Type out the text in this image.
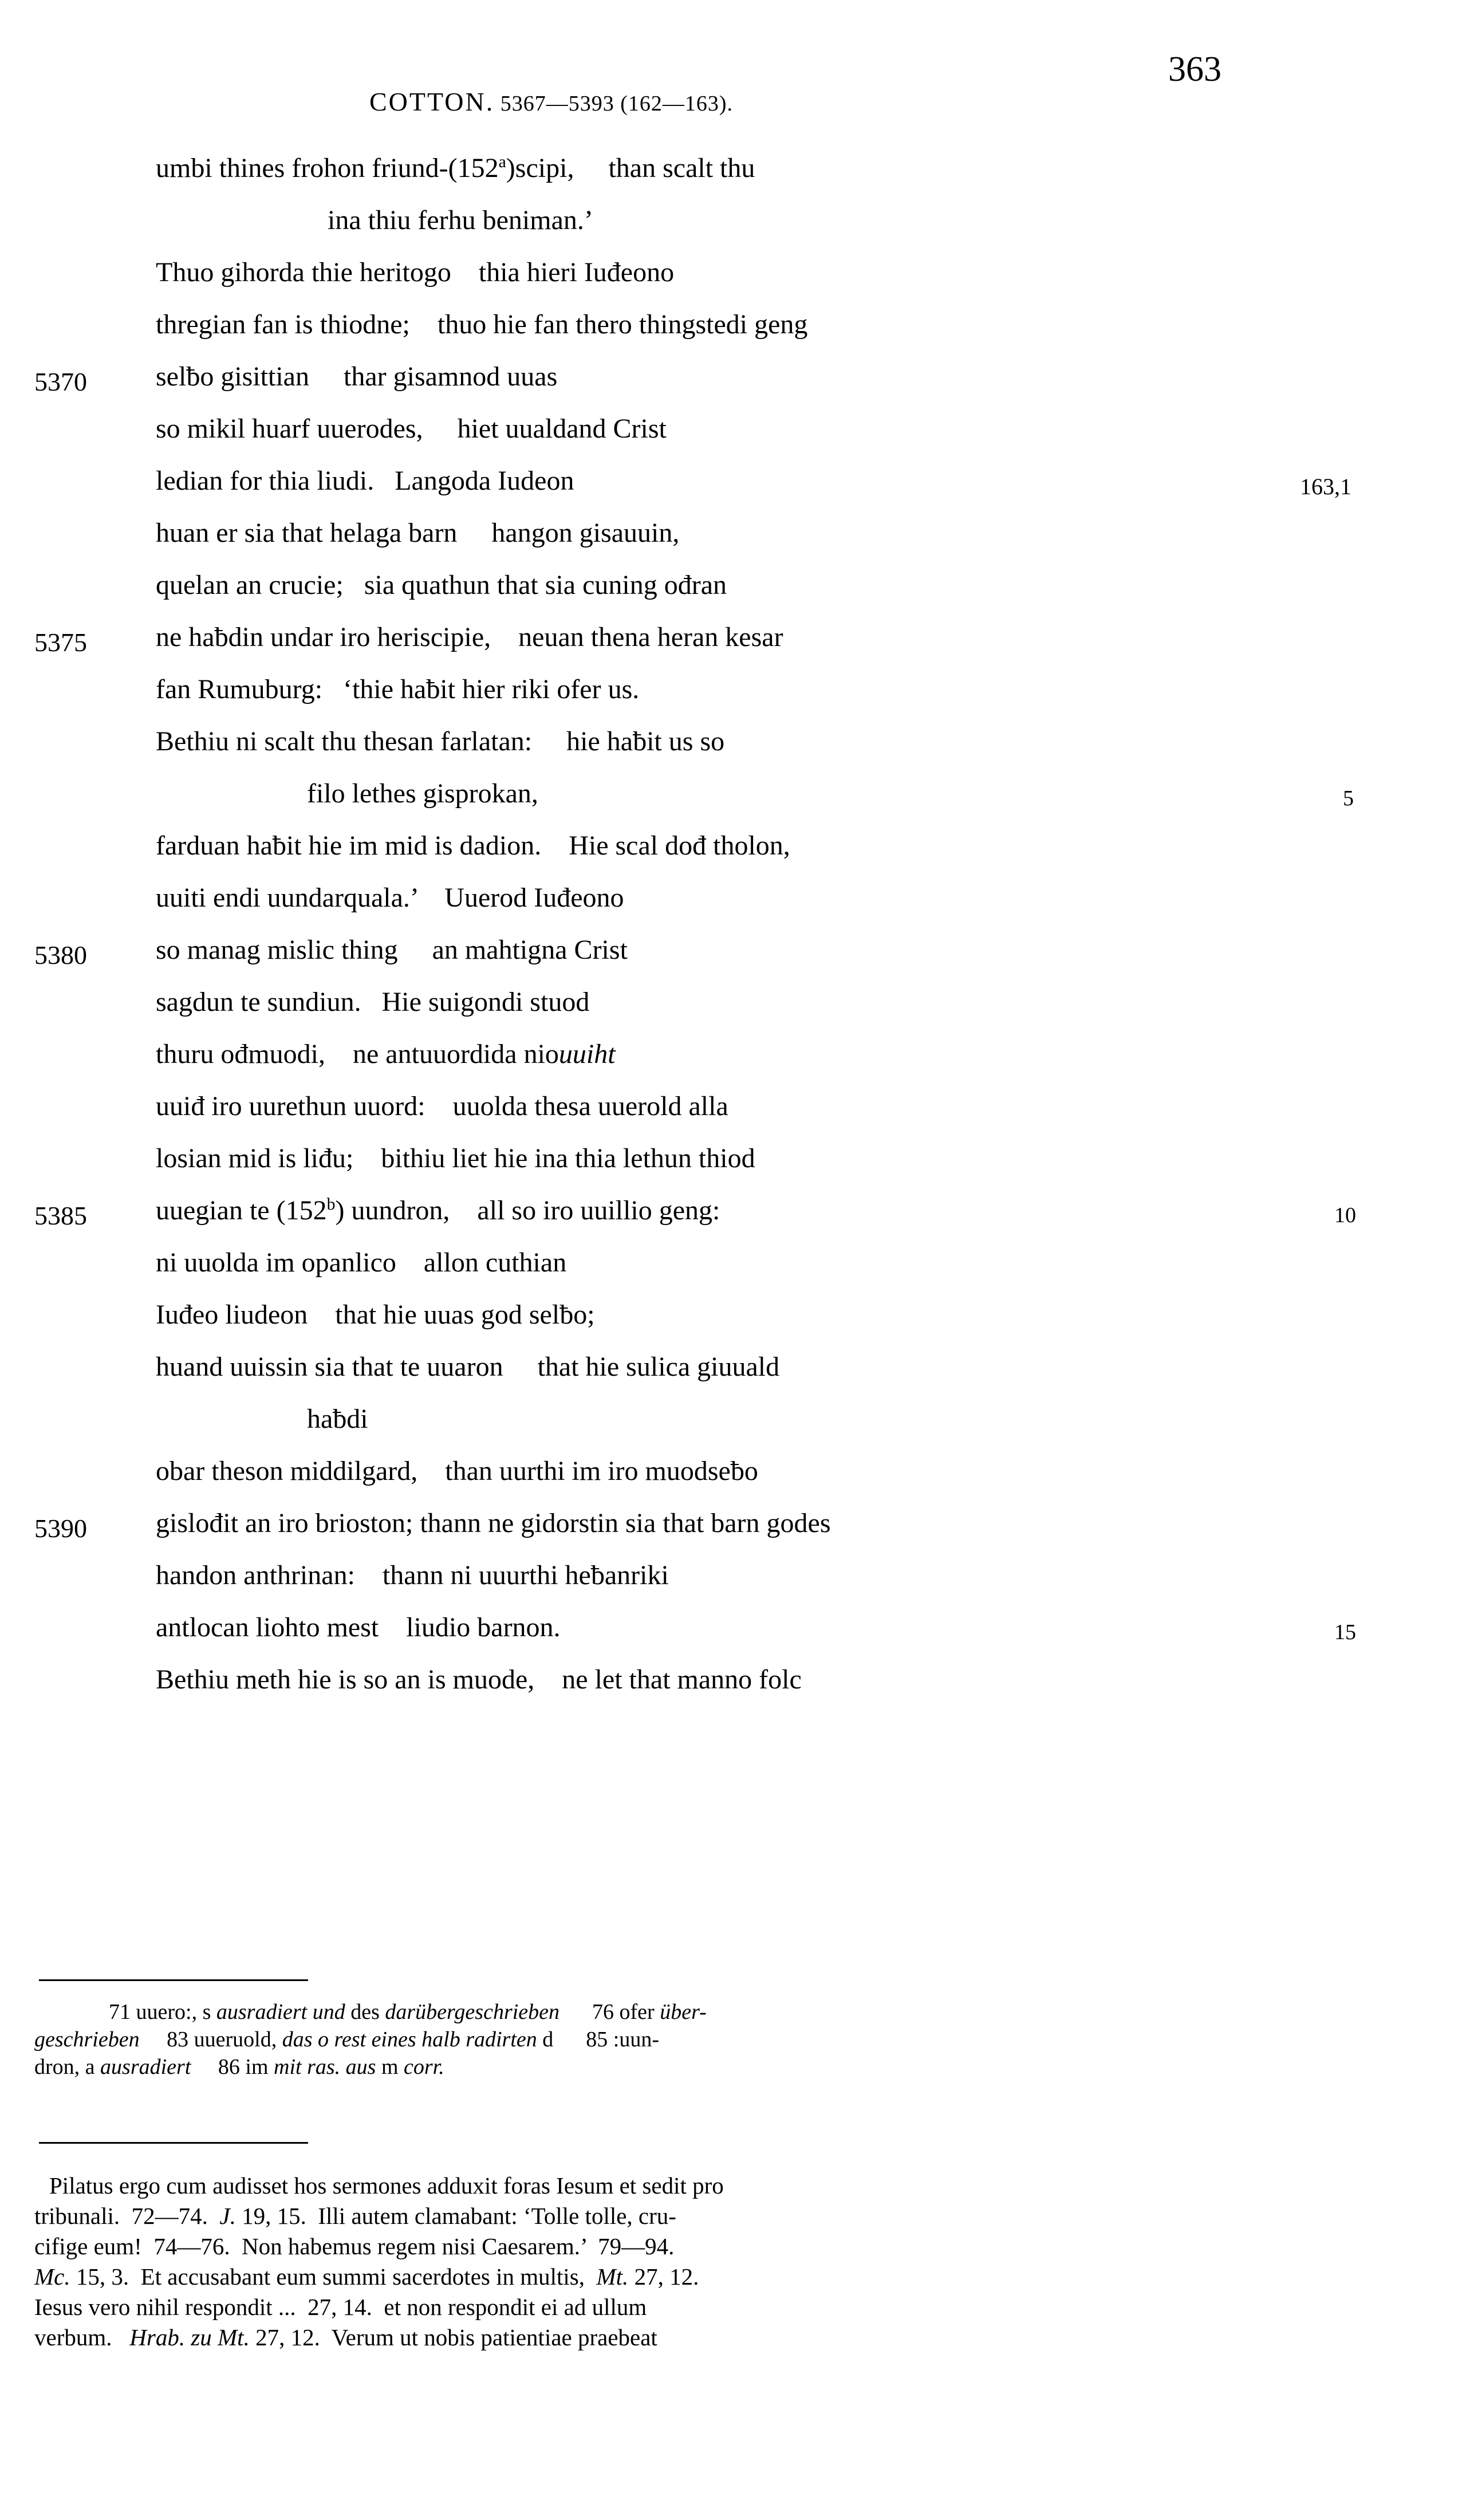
COTTON. 5367—5393 (162—163).

363
umbi thines frohon friund-(152$^a$)scipi,     than scalt thu
ina thiu ferhu beniman.’
Thuo gihorda thie heritogo    thia hieri Iuđeono
thregian fan is thiodne;    thuo hie fan thero thingstedi geng
5370	selƀo gisittian     thar gisamnod uuas
so mikil huarf uuerodes,     hiet uualdand Crist
ledian for thia liudi.   Langoda Iudeon	163,1
huan er sia that helaga barn     hangon gisauuin,
quelan an crucie;   sia quathun that sia cuning ođran
5375	ne haƀdin undar iro heriscipie,    neuan thena heran kesar
fan Rumuburg:   ‘thie haƀit hier riki ofer us.
Bethiu ni scalt thu thesan farlatan:     hie haƀit us so
filo lethes gisprokan,	5
farduan haƀit hie im mid is dadion.    Hie scal dođ tholon,
uuiti endi uundarquala.’    Uuerod Iuđeono
5380	so manag mislic thing     an mahtigna Crist
sagdun te sundiun.   Hie suigondi stuod
thuru ođmuodi,    ne antuuordida niouuiht
uuiđ iro uurethun uuord:    uuolda thesa uuerold alla
losian mid is liđu;    bithiu liet hie ina thia lethun thiod
5385	uuegian te (152$^b$) uundron,    all so iro uuillio geng:	10
ni uuolda im opanlico    allon cuthian
Iuđeo liudeon    that hie uuas god selƀo;
huand uuissin sia that te uuaron     that hie sulica giuuald
haƀdi
obar theson middilgard,    than uurthi im iro muodseƀo
5390	gislođit an iro brioston; thann ne gidorstin sia that barn godes
handon anthrinan:    thann ni uuurthi heƀanriki
antlocan liohto mest    liudio barnon.	15
Bethiu meth hie is so an is muode,    ne let that manno folc
71 uuero:, s ausradiert und des darübergeschrieben      76 ofer über-
geschrieben     83 uueruold, das o rest eines halb radirten d      85 :uun-
dron, a ausradiert     86 im mit ras. aus m corr.
Pilatus ergo cum audisset hos sermones adduxit foras Iesum et sedit pro
tribunali.  72—74.  J. 19, 15.  Illi autem clamabant: ‘Tolle tolle, cru-
cifige eum!  74—76.  Non habemus regem nisi Caesarem.’  79—94.
Mc. 15, 3.  Et accusabant eum summi sacerdotes in multis,  Mt. 27, 12.
Iesus vero nihil respondit ...  27, 14.  et non respondit ei ad ullum
verbum.   Hrab. zu Mt. 27, 12.  Verum ut nobis patientiae praebeat
